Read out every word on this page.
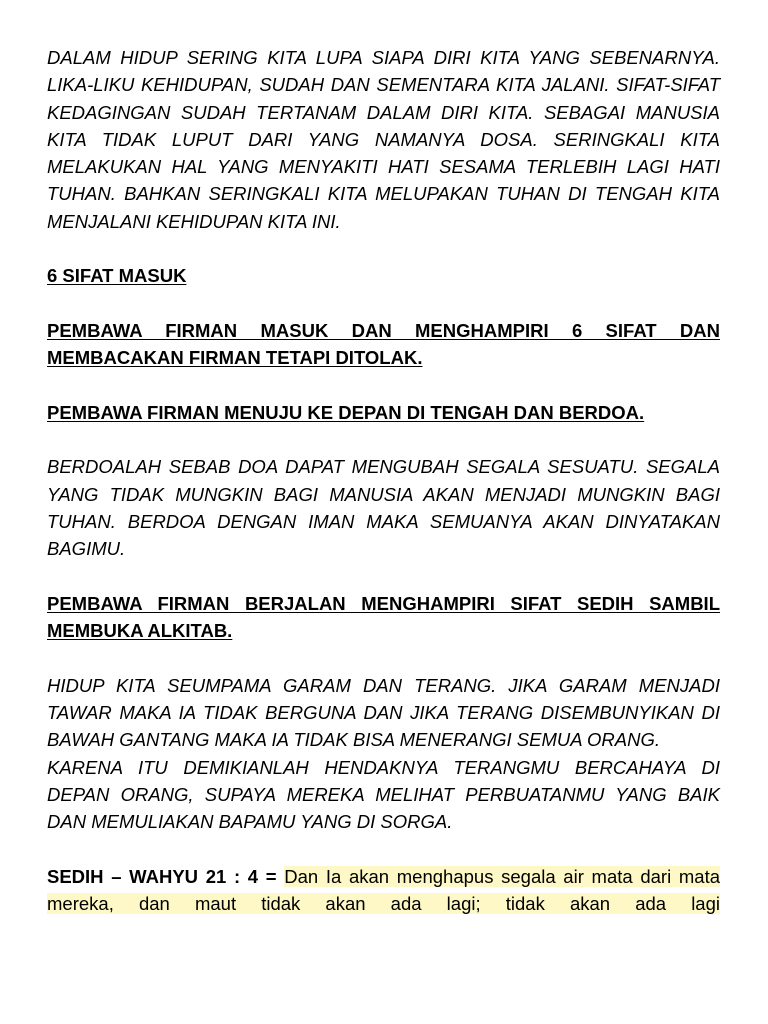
DALAM HIDUP SERING KITA LUPA SIAPA DIRI KITA YANG SEBENARNYA. LIKA-LIKU KEHIDUPAN, SUDAH DAN SEMENTARA KITA JALANI. SIFAT-SIFAT KEDAGINGAN SUDAH TERTANAM DALAM DIRI KITA. SEBAGAI MANUSIA KITA TIDAK LUPUT DARI YANG NAMANYA DOSA. SERINGKALI KITA MELAKUKAN HAL YANG MENYAKITI HATI SESAMA TERLEBIH LAGI HATI TUHAN. BAHKAN SERINGKALI KITA MELUPAKAN TUHAN DI TENGAH KITA MENJALANI KEHIDUPAN KITA INI.

6 SIFAT MASUK

PEMBAWA FIRMAN MASUK DAN MENGHAMPIRI 6 SIFAT DAN MEMBACAKAN FIRMAN TETAPI DITOLAK.

PEMBAWA FIRMAN MENUJU KE DEPAN DI TENGAH DAN BERDOA.

BERDOALAH SEBAB DOA DAPAT MENGUBAH SEGALA SESUATU. SEGALA YANG TIDAK MUNGKIN BAGI MANUSIA AKAN MENJADI MUNGKIN BAGI TUHAN. BERDOA DENGAN IMAN MAKA SEMUANYA AKAN DINYATAKAN BAGIMU.

PEMBAWA FIRMAN BERJALAN MENGHAMPIRI SIFAT SEDIH SAMBIL MEMBUKA ALKITAB.

HIDUP KITA SEUMPAMA GARAM DAN TERANG. JIKA GARAM MENJADI TAWAR MAKA IA TIDAK BERGUNA DAN JIKA TERANG DISEMBUNYIKAN DI BAWAH GANTANG MAKA IA TIDAK BISA MENERANGI SEMUA ORANG.

KARENA ITU DEMIKIANLAH HENDAKNYA TERANGMU BERCAHAYA DI DEPAN ORANG, SUPAYA MEREKA MELIHAT PERBUATANMU YANG BAIK DAN MEMULIAKAN BAPAMU YANG DI SORGA.

SEDIH – WAHYU 21 : 4 = Dan Ia akan menghapus segala air mata dari mata mereka, dan maut tidak akan ada lagi; tidak akan ada lagi
